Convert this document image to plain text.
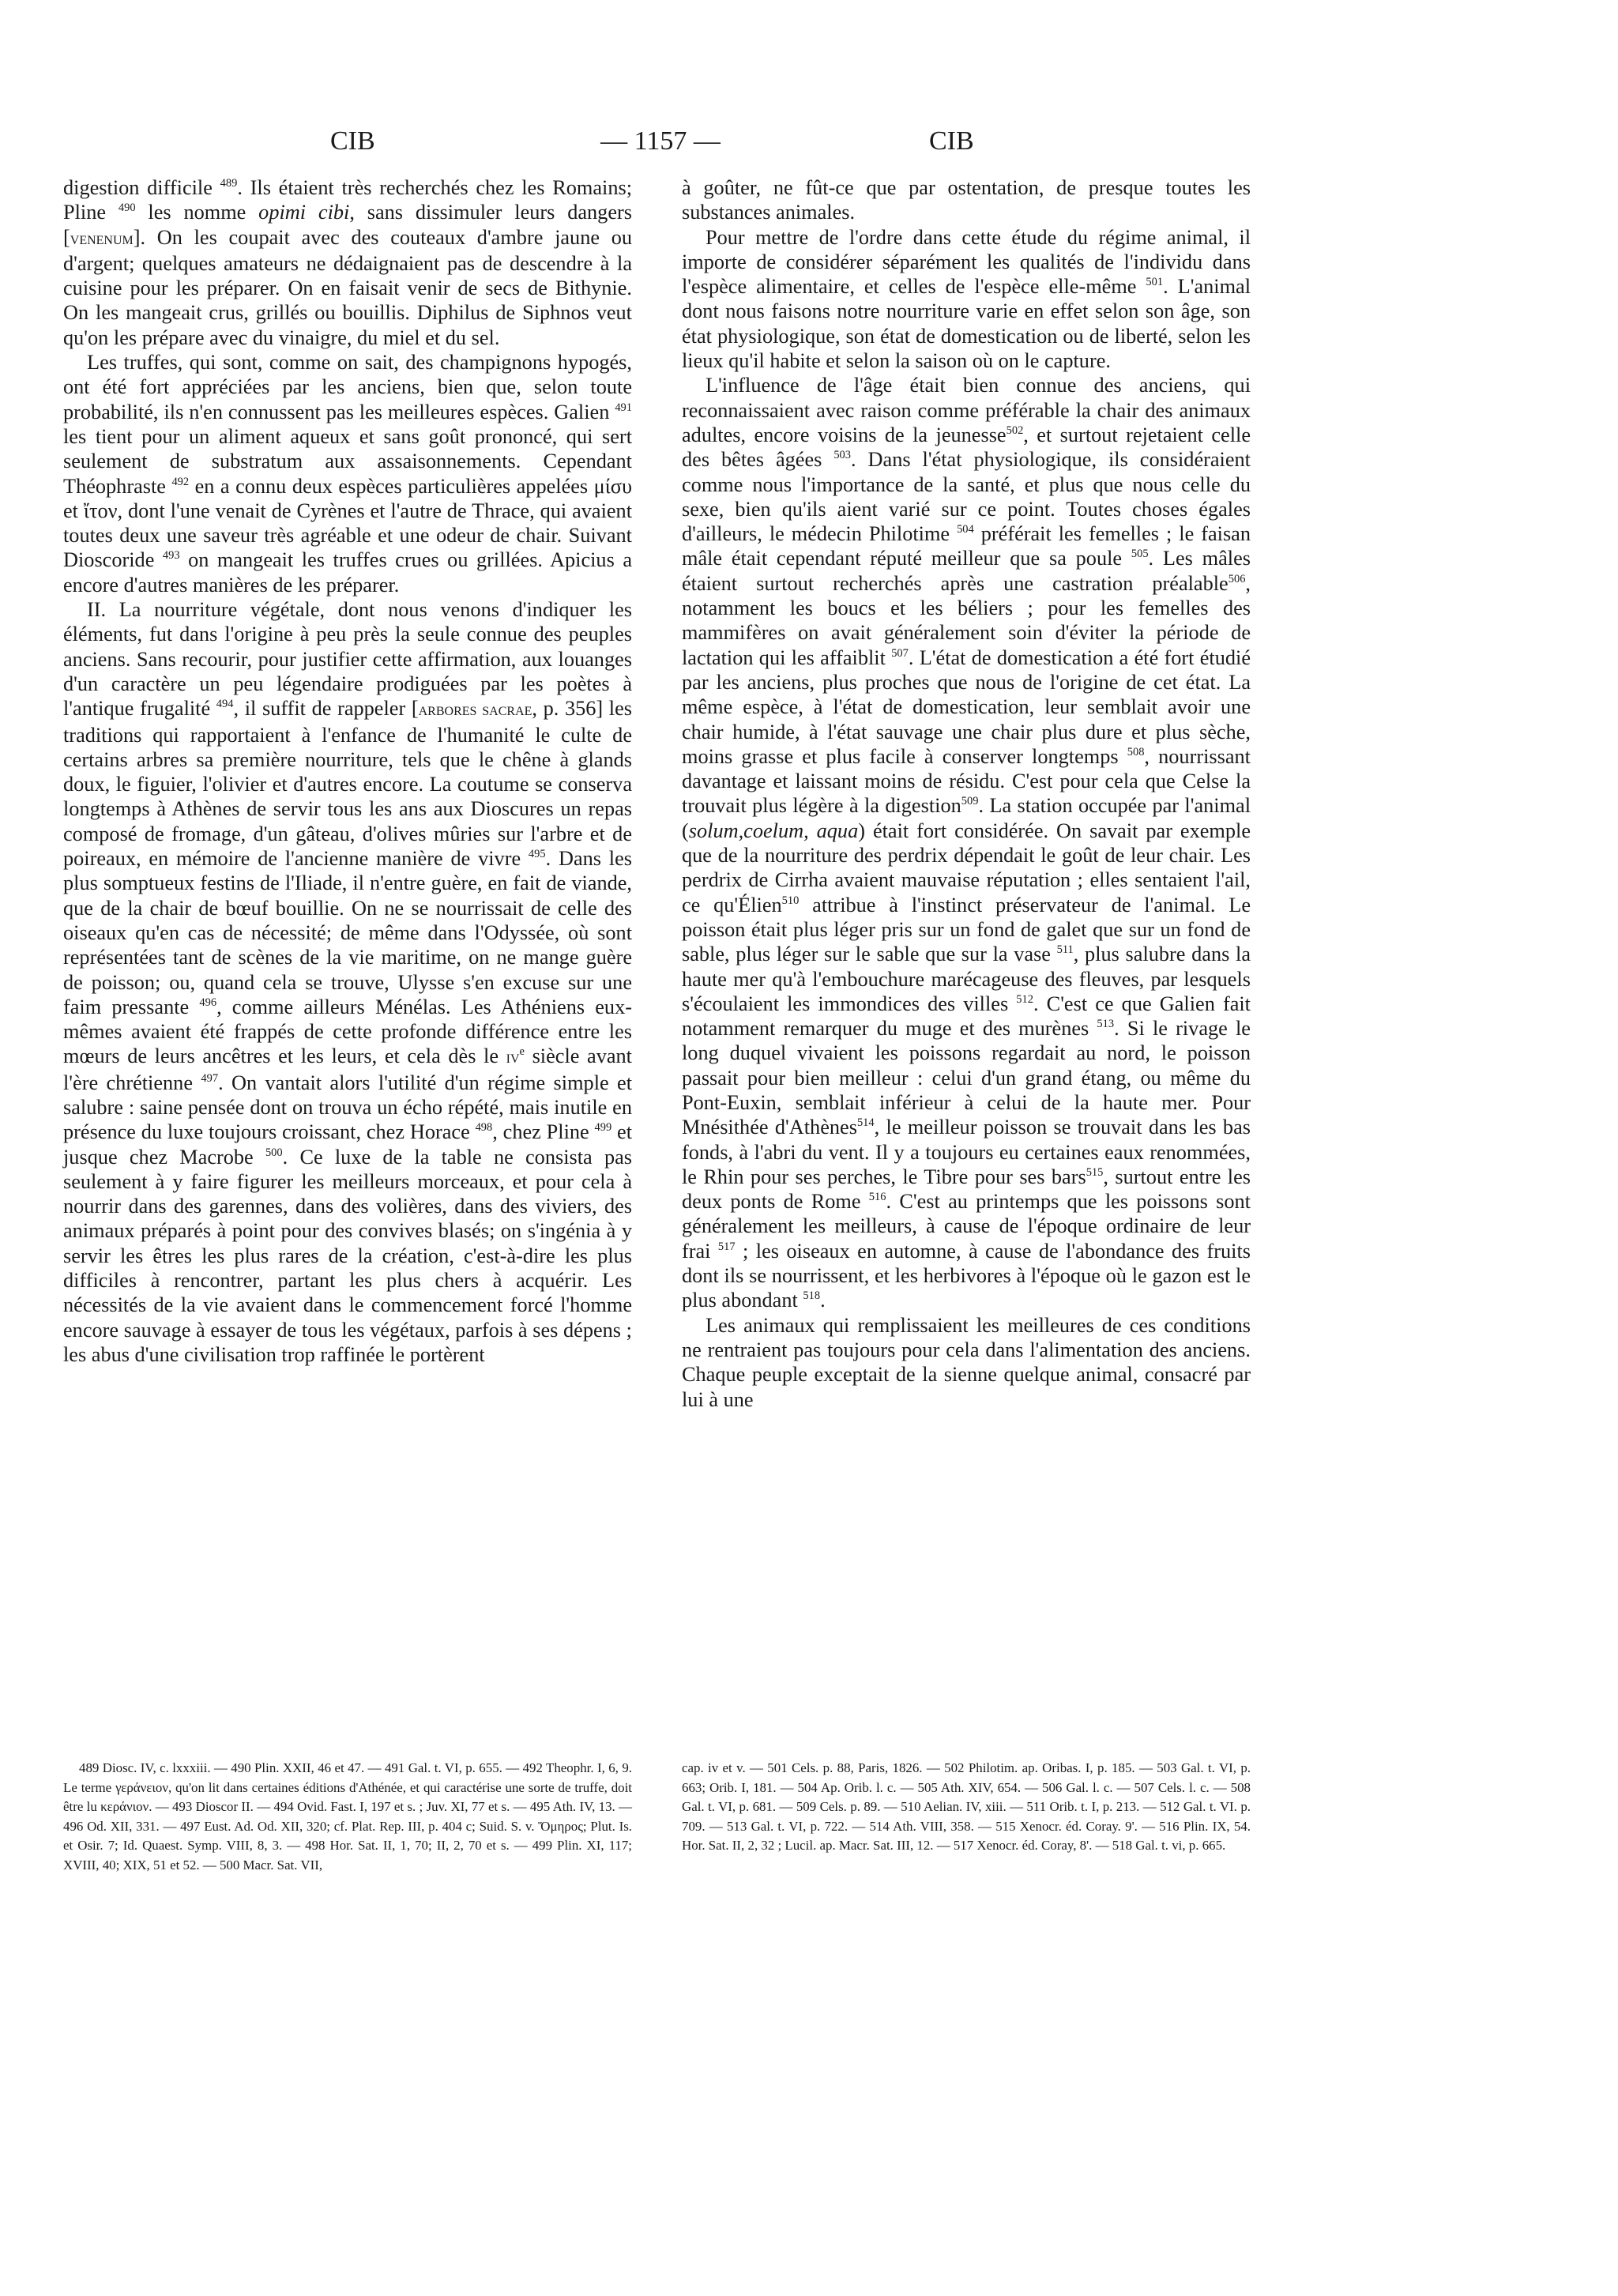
CIB	— 1157 —	CIB

digestion difficile $^{489}$. Ils étaient très recherchés chez les Romains; Pline $^{490}$ les nomme opimi cibi, sans dissimuler leurs dangers [venenum]. On les coupait avec des couteaux d'ambre jaune ou d'argent; quelques amateurs ne dédaignaient pas de descendre à la cuisine pour les préparer. On en faisait venir de secs de Bithynie. On les mangeait crus, grillés ou bouillis. Diphilus de Siphnos veut qu'on les prépare avec du vinaigre, du miel et du sel.

Les truffes, qui sont, comme on sait, des champignons hypogés, ont été fort appréciées par les anciens, bien que, selon toute probabilité, ils n'en connussent pas les meilleures espèces. Galien $^{491}$ les tient pour un aliment aqueux et sans goût prononcé, qui sert seulement de substratum aux assaisonnements. Cependant Théophraste $^{492}$ en a connu deux espèces particulières appelées μίσυ et ἴτον, dont l'une venait de Cyrènes et l'autre de Thrace, qui avaient toutes deux une saveur très agréable et une odeur de chair. Suivant Dioscoride $^{493}$ on mangeait les truffes crues ou grillées. Apicius a encore d'autres manières de les préparer.

II. La nourriture végétale, dont nous venons d'indiquer les éléments, fut dans l'origine à peu près la seule connue des peuples anciens. Sans recourir, pour justifier cette affirmation, aux louanges d'un caractère un peu légendaire prodiguées par les poètes à l'antique frugalité $^{494}$, il suffit de rappeler [arbores sacrae, p. 356] les traditions qui rapportaient à l'enfance de l'humanité le culte de certains arbres sa première nourriture, tels que le chêne à glands doux, le figuier, l'olivier et d'autres encore. La coutume se conserva longtemps à Athènes de servir tous les ans aux Dioscures un repas composé de fromage, d'un gâteau, d'olives mûries sur l'arbre et de poireaux, en mémoire de l'ancienne manière de vivre $^{495}$. Dans les plus somptueux festins de l'Iliade, il n'entre guère, en fait de viande, que de la chair de bœuf bouillie. On ne se nourrissait de celle des oiseaux qu'en cas de nécessité; de même dans l'Odyssée, où sont représentées tant de scènes de la vie maritime, on ne mange guère de poisson; ou, quand cela se trouve, Ulysse s'en excuse sur une faim pressante $^{496}$, comme ailleurs Ménélas. Les Athéniens eux-mêmes avaient été frappés de cette profonde différence entre les mœurs de leurs ancêtres et les leurs, et cela dès le $iv^e$ siècle avant l'ère chrétienne $^{497}$. On vantait alors l'utilité d'un régime simple et salubre : saine pensée dont on trouva un écho répété, mais inutile en présence du luxe toujours croissant, chez Horace $^{498}$, chez Pline $^{499}$ et jusque chez Macrobe $^{500}$. Ce luxe de la table ne consista pas seulement à y faire figurer les meilleurs morceaux, et pour cela à nourrir dans des garennes, dans des volières, dans des viviers, des animaux préparés à point pour des convives blasés; on s'ingénia à y servir les êtres les plus rares de la création, c'est-à-dire les plus difficiles à rencontrer, partant les plus chers à acquérir. Les nécessités de la vie avaient dans le commencement forcé l'homme encore sauvage à essayer de tous les végétaux, parfois à ses dépens ; les abus d'une civilisation trop raffinée le portèrent

à goûter, ne fût-ce que par ostentation, de presque toutes les substances animales.

Pour mettre de l'ordre dans cette étude du régime animal, il importe de considérer séparément les qualités de l'individu dans l'espèce alimentaire, et celles de l'espèce elle-même $^{501}$. L'animal dont nous faisons notre nourriture varie en effet selon son âge, son état physiologique, son état de domestication ou de liberté, selon les lieux qu'il habite et selon la saison où on le capture.

L'influence de l'âge était bien connue des anciens, qui reconnaissaient avec raison comme préférable la chair des animaux adultes, encore voisins de la jeunesse$^{502}$, et surtout rejetaient celle des bêtes âgées $^{503}$. Dans l'état physiologique, ils considéraient comme nous l'importance de la santé, et plus que nous celle du sexe, bien qu'ils aient varié sur ce point. Toutes choses égales d'ailleurs, le médecin Philotime $^{504}$ préférait les femelles ; le faisan mâle était cependant réputé meilleur que sa poule $^{505}$. Les mâles étaient surtout recherchés après une castration préalable$^{506}$, notamment les boucs et les béliers ; pour les femelles des mammifères on avait généralement soin d'éviter la période de lactation qui les affaiblit $^{507}$. L'état de domestication a été fort étudié par les anciens, plus proches que nous de l'origine de cet état. La même espèce, à l'état de domestication, leur semblait avoir une chair humide, à l'état sauvage une chair plus dure et plus sèche, moins grasse et plus facile à conserver longtemps $^{508}$, nourrissant davantage et laissant moins de résidu. C'est pour cela que Celse la trouvait plus légère à la digestion$^{509}$. La station occupée par l'animal (solum,coelum, aqua) était fort considérée. On savait par exemple que de la nourriture des perdrix dépendait le goût de leur chair. Les perdrix de Cirrha avaient mauvaise réputation ; elles sentaient l'ail, ce qu'Élien$^{510}$ attribue à l'instinct préservateur de l'animal. Le poisson était plus léger pris sur un fond de galet que sur un fond de sable, plus léger sur le sable que sur la vase $^{511}$, plus salubre dans la haute mer qu'à l'embouchure marécageuse des fleuves, par lesquels s'écoulaient les immondices des villes $^{512}$. C'est ce que Galien fait notamment remarquer du muge et des murènes $^{513}$. Si le rivage le long duquel vivaient les poissons regardait au nord, le poisson passait pour bien meilleur : celui d'un grand étang, ou même du Pont-Euxin, semblait inférieur à celui de la haute mer. Pour Mnésithée d'Athènes$^{514}$, le meilleur poisson se trouvait dans les bas fonds, à l'abri du vent. Il y a toujours eu certaines eaux renommées, le Rhin pour ses perches, le Tibre pour ses bars$^{515}$, surtout entre les deux ponts de Rome $^{516}$. C'est au printemps que les poissons sont généralement les meilleurs, à cause de l'époque ordinaire de leur frai $^{517}$ ; les oiseaux en automne, à cause de l'abondance des fruits dont ils se nourrissent, et les herbivores à l'époque où le gazon est le plus abondant $^{518}$.

Les animaux qui remplissaient les meilleures de ces conditions ne rentraient pas toujours pour cela dans l'alimentation des anciens. Chaque peuple exceptait de la sienne quelque animal, consacré par lui à une

489 Diosc. IV, c. lxxxiii. — 490 Plin. XXII, 46 et 47. — 491 Gal. t. VI, p. 655. — 492 Theophr. I, 6, 9. Le terme γεράνειον, qu'on lit dans certaines éditions d'Athénée, et qui caractérise une sorte de truffe, doit être lu κεράνιον. — 493 Dioscor II. — 494 Ovid. Fast. I, 197 et s. ; Juv. XI, 77 et s. — 495 Ath. IV, 13. — 496 Od. XII, 331. — 497 Eust. Ad. Od. XII, 320; cf. Plat. Rep. III, p. 404 c; Suid. S. v. Ὅμηρος; Plut. Is. et Osir. 7; Id. Quaest. Symp. VIII, 8, 3. — 498 Hor. Sat. II, 1, 70; II, 2, 70 et s. — 499 Plin. XI, 117; XVIII, 40; XIX, 51 et 52. — 500 Macr. Sat. VII,

cap. iv et v. — 501 Cels. p. 88, Paris, 1826. — 502 Philotim. ap. Oribas. I, p. 185. — 503 Gal. t. VI, p. 663; Orib. I, 181. — 504 Ap. Orib. l. c. — 505 Ath. XIV, 654. — 506 Gal. l. c. — 507 Cels. l. c. — 508 Gal. t. VI, p. 681. — 509 Cels. p. 89. — 510 Aelian. IV, xiii. — 511 Orib. t. I, p. 213. — 512 Gal. t. VI. p. 709. — 513 Gal. t. VI, p. 722. — 514 Ath. VIII, 358. — 515 Xenocr. éd. Coray. 9'. — 516 Plin. IX, 54. Hor. Sat. II, 2, 32 ; Lucil. ap. Macr. Sat. III, 12. — 517 Xenocr. éd. Coray, 8'. — 518 Gal. t. vi, p. 665.
